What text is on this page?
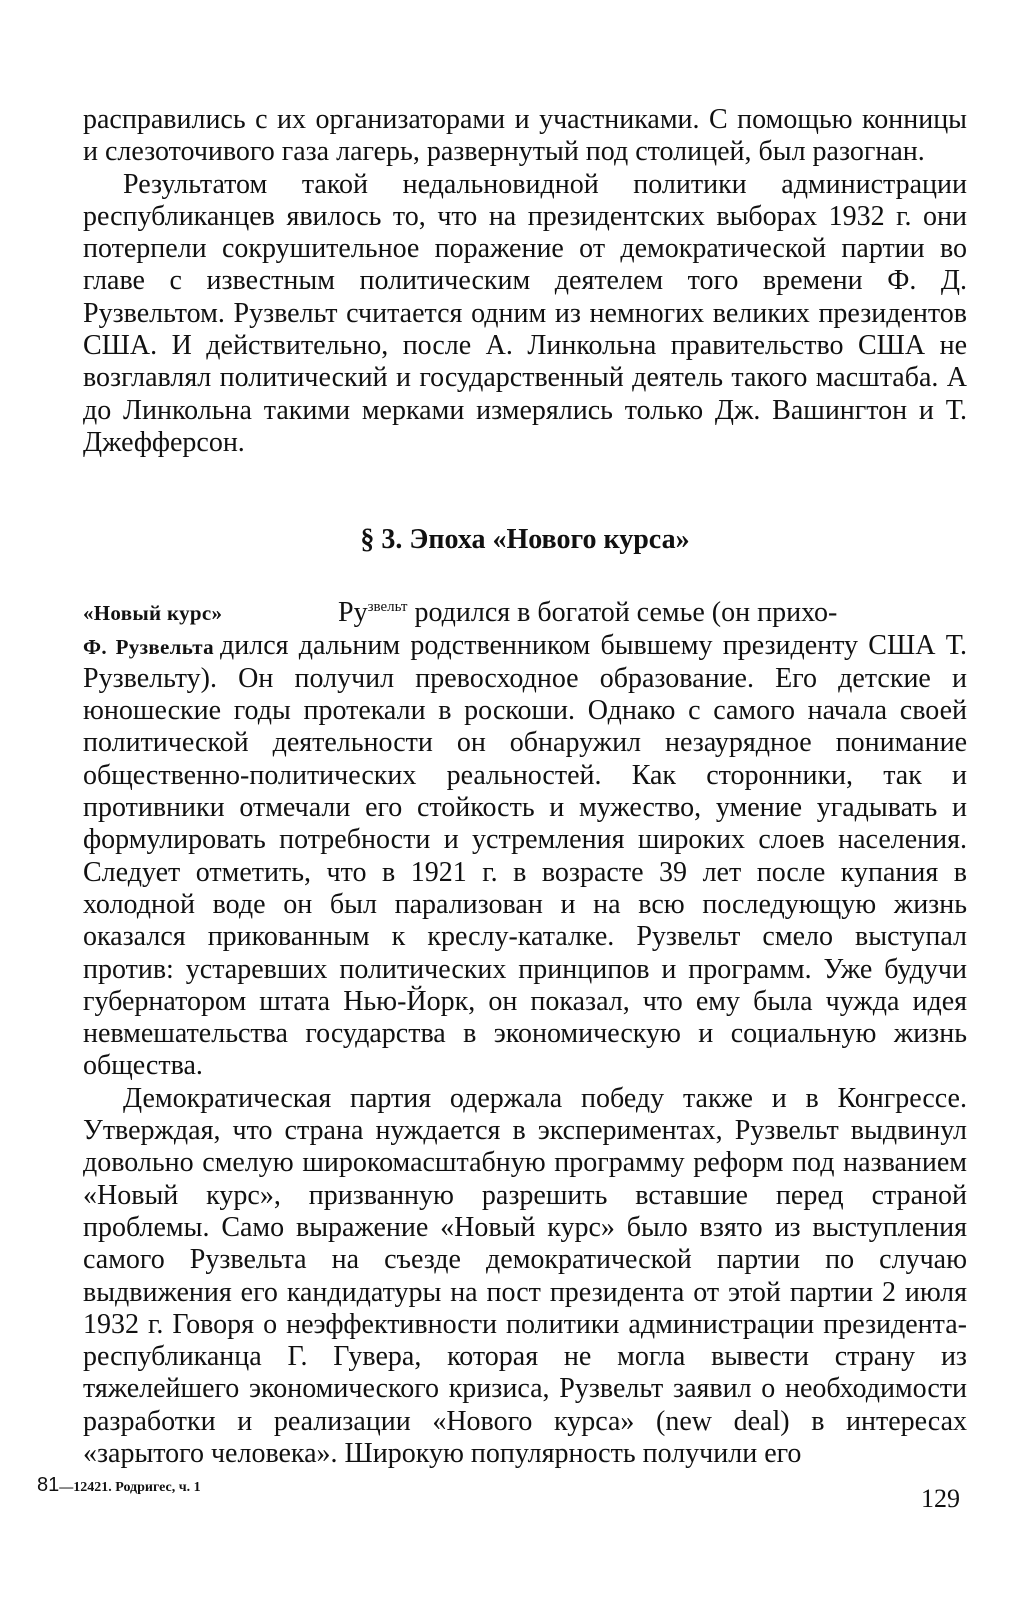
расправились с их организаторами и участниками. С помощью конницы и слезоточивого газа лагерь, развернутый под столицей, был разогнан.

Результатом такой недальновидной политики администрации республиканцев явилось то, что на президентских выборах 1932 г. они потерпели сокрушительное поражение от демократической партии во главе с известным политическим деятелем того времени Ф. Д. Рузвельтом. Рузвельт считается одним из немногих великих президентов США. И действительно, после А. Линкольна правительство США не возглавлял политический и государственный деятель такого масштаба. А до Линкольна такими мерками измерялись только Дж. Вашингтон и Т. Джефферсон.

§ 3. Эпоха «Нового курса»
«Новый курс»	$Ру^{звельт}$ родился в богатой семье (он прихо-

Ф. Рузвельта дился дальним родственником бывшему президенту США Т. Рузвельту). Он получил превосходное образование. Его детские и юношеские годы протекали в роскоши. Однако с самого начала своей политической деятельности он обнаружил незаурядное понимание общественно-политических реальностей. Как сторонники, так и противники отмечали его стойкость и мужество, умение угадывать и формулировать потребности и устремления широких слоев населения. Следует отметить, что в 1921 г. в возрасте 39 лет после купания в холодной воде он был парализован и на всю последующую жизнь оказался прикованным к креслу-каталке. Рузвельт смело выступал против: устаревших политических принципов и программ. Уже будучи губернатором штата Нью-Йорк, он показал, что ему была чужда идея невмешательства государства в экономическую и социальную жизнь общества.

Демократическая партия одержала победу также и в Конгрессе. Утверждая, что страна нуждается в экспериментах, Рузвельт выдвинул довольно смелую широкомасштабную программу реформ под названием «Новый курс», призванную разрешить вставшие перед страной проблемы. Само выражение «Новый курс» было взято из выступления самого Рузвельта на съезде демократической партии по случаю выдвижения его кандидатуры на пост президента от этой партии 2 июля 1932 г. Говоря о неэффективности политики администрации президента-республиканца Г. Гувера, которая не могла вывести страну из тяжелейшего экономического кризиса, Рузвельт заявил о необходимости разработки и реализации «Нового курса» (new deal) в интересах «зарытого человека». Широкую популярность получили его

81—12421. Родригес, ч. 1	129
